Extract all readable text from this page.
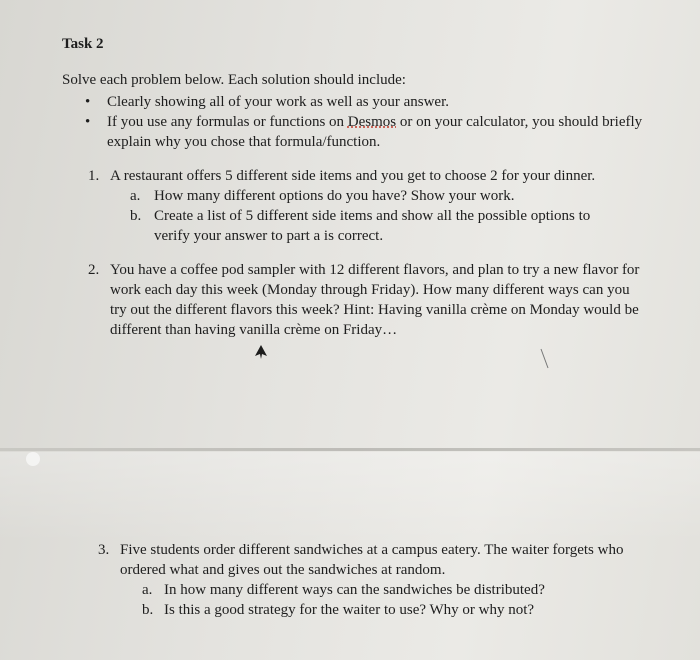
Task 2
Solve each problem below. Each solution should include:
• Clearly showing all of your work as well as your answer.
• If you use any formulas or functions on Desmos or on your calculator, you should briefly explain why you chose that formula/function.
1. A restaurant offers 5 different side items and you get to choose 2 for your dinner.
a. How many different options do you have? Show your work.
b. Create a list of 5 different side items and show all the possible options to verify your answer to part a is correct.
2. You have a coffee pod sampler with 12 different flavors, and plan to try a new flavor for work each day this week (Monday through Friday). How many different ways can you try out the different flavors this week? Hint: Having vanilla crème on Monday would be different than having vanilla crème on Friday…
3. Five students order different sandwiches at a campus eatery. The waiter forgets who ordered what and gives out the sandwiches at random.
a. In how many different ways can the sandwiches be distributed?
b. Is this a good strategy for the waiter to use? Why or why not?
